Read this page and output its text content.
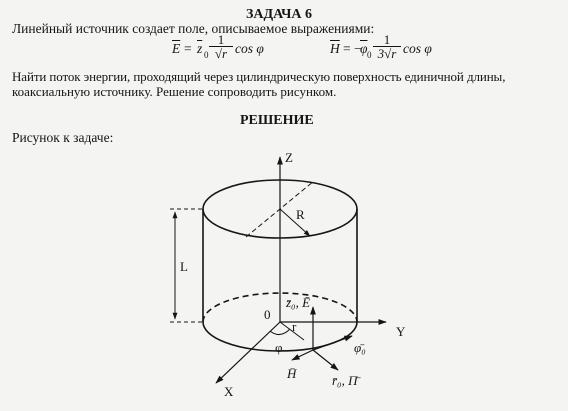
ЗАДАЧА 6
Линейный источник создает поле, описываемое выражениями:
$\overline{E} = \overline{z}$ $0 \frac{1}{√r}$ cos φ	$\overline{H}$ = −
$\overline{\varphi}$ $0 \frac{1}{3√r}$ cos φ
Найти поток энергии, проходящий через цилиндрическую поверхность единичной длины,
коаксиальную источнику. Решение сопроводить рисунком.
РЕШЕНИЕ
Рисунок к задаче:
Z
R
L
Y
X
0
r
φ
z̄₀, Ē
φ̄₀
H̄	r̄₀, Π̄
